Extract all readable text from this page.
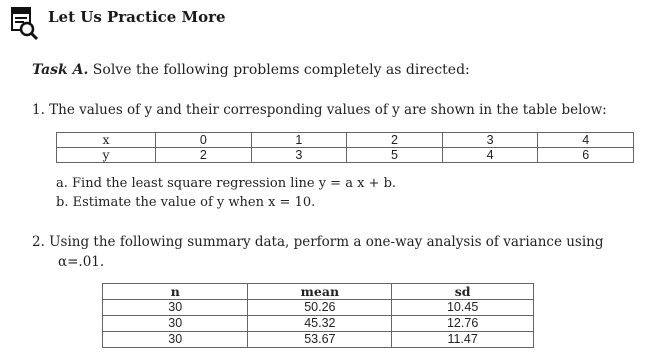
Let Us Practice More
Task A. Solve the following problems completely as directed:
1. The values of y and their corresponding values of y are shown in the table below:
x	0	1	2	3	4
y	2	3	5	4	6
a. Find the least square regression line y = a x + b.
b. Estimate the value of y when x = 10.
2. Using the following summary data, perform a one-way analysis of variance using
α=.01.
n	mean	sd
30	50.26	10.45
30	45.32	12.76
30	53.67	11.47
